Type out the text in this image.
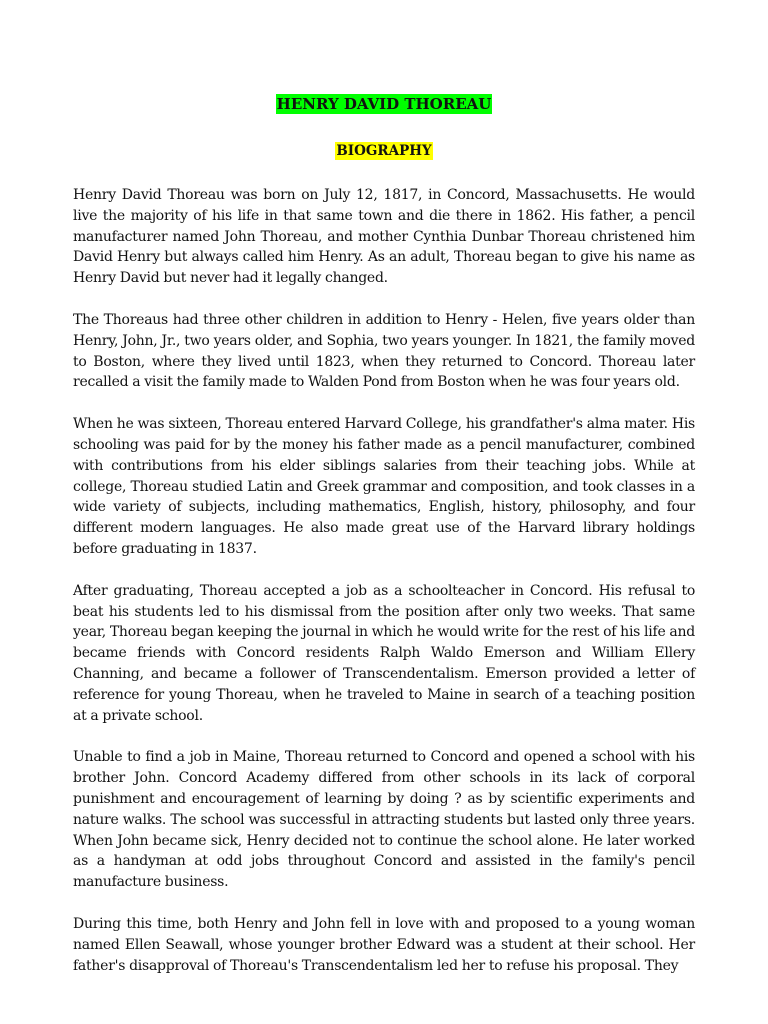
HENRY DAVID THOREAU
BIOGRAPHY

Henry David Thoreau was born on July 12, 1817, in Concord, Massachusetts. He would live the majority of his life in that same town and die there in 1862. His father, a pencil manufacturer named John Thoreau, and mother Cynthia Dunbar Thoreau christened him David Henry but always called him Henry. As an adult, Thoreau began to give his name as Henry David but never had it legally changed.

The Thoreaus had three other children in addition to Henry - Helen, five years older than Henry, John, Jr., two years older, and Sophia, two years younger. In 1821, the family moved to Boston, where they lived until 1823, when they returned to Concord. Thoreau later recalled a visit the family made to Walden Pond from Boston when he was four years old.

When he was sixteen, Thoreau entered Harvard College, his grandfather's alma mater. His schooling was paid for by the money his father made as a pencil manufacturer, combined with contributions from his elder siblings salaries from their teaching jobs. While at college, Thoreau studied Latin and Greek grammar and composition, and took classes in a wide variety of subjects, including mathematics, English, history, philosophy, and four different modern languages. He also made great use of the Harvard library holdings before graduating in 1837.

After graduating, Thoreau accepted a job as a schoolteacher in Concord. His refusal to beat his students led to his dismissal from the position after only two weeks. That same year, Thoreau began keeping the journal in which he would write for the rest of his life and became friends with Concord residents Ralph Waldo Emerson and William Ellery Channing, and became a follower of Transcendentalism. Emerson provided a letter of reference for young Thoreau, when he traveled to Maine in search of a teaching position at a private school.

Unable to find a job in Maine, Thoreau returned to Concord and opened a school with his brother John. Concord Academy differed from other schools in its lack of corporal punishment and encouragement of learning by doing ? as by scientific experiments and nature walks. The school was successful in attracting students but lasted only three years. When John became sick, Henry decided not to continue the school alone. He later worked as a handyman at odd jobs throughout Concord and assisted in the family's pencil manufacture business.

During this time, both Henry and John fell in love with and proposed to a young woman named Ellen Seawall, whose younger brother Edward was a student at their school. Her father's disapproval of Thoreau's Transcendentalism led her to refuse his proposal. They
